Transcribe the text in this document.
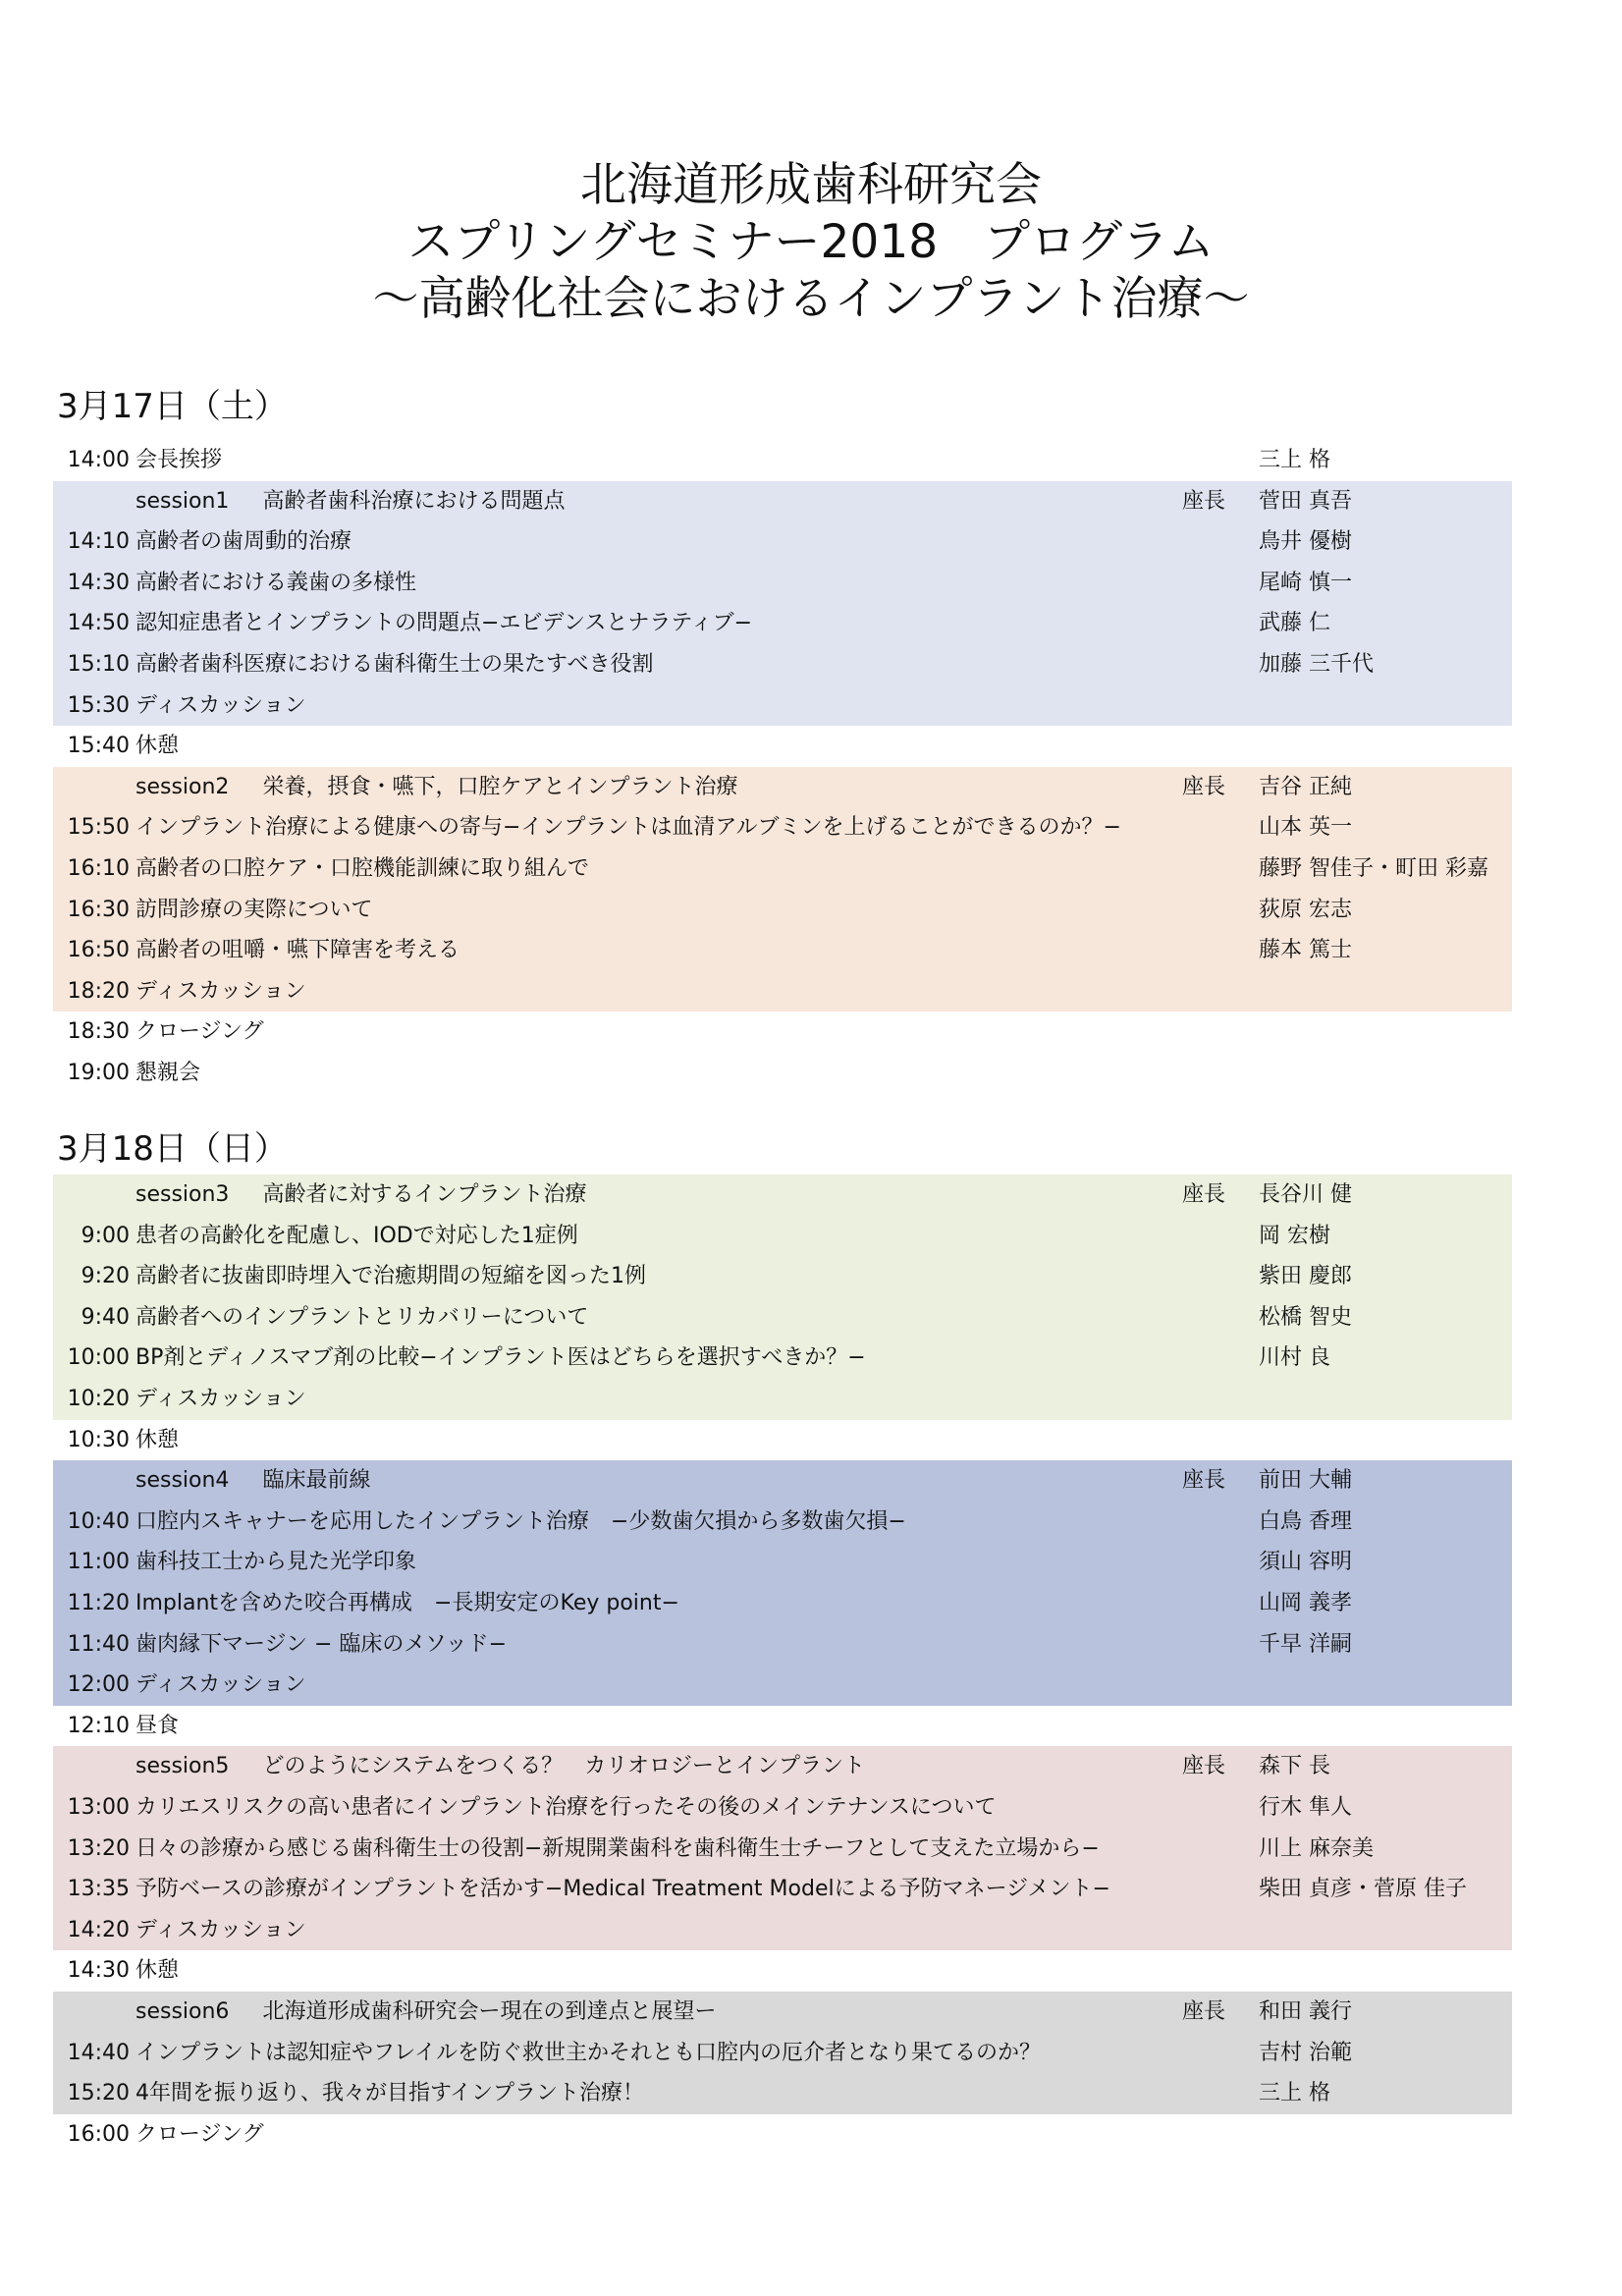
北海道形成歯科研究会
スプリングセミナー2018　プログラム
～高齢化社会におけるインプラント治療～
3月17日（土）
14:00 会長挨拶	三上 格
session1 高齢者歯科治療における問題点	座長 菅田 真吾
14:10 高齢者の歯周動的治療	鳥井 優樹
14:30 高齢者における義歯の多様性	尾崎 慎一
14:50 認知症患者とインプラントの問題点−エビデンスとナラティブ−	武藤 仁
15:10 高齢者歯科医療における歯科衛生士の果たすべき役割	加藤 三千代
15:30 ディスカッション
15:40 休憩
session2 栄養，摂食・嚥下，口腔ケアとインプラント治療	座長 吉谷 正純
15:50 インプラント治療による健康への寄与−インプラントは血清アルブミンを上げることができるのか？−	山本 英一
16:10 高齢者の口腔ケア・口腔機能訓練に取り組んで	藤野 智佳子・町田 彩嘉
16:30 訪問診療の実際について	荻原 宏志
16:50 高齢者の咀嚼・嚥下障害を考える	藤本 篤士
18:20 ディスカッション
18:30 クロージング
19:00 懇親会
3月18日（日）
session3 高齢者に対するインプラント治療	座長 長谷川 健
9:00 患者の高齢化を配慮し、IODで対応した1症例	岡 宏樹
9:20 高齢者に抜歯即時埋入で治癒期間の短縮を図った1例	紫田 慶郎
9:40 高齢者へのインプラントとリカバリーについて	松橋 智史
10:00 BP剤とディノスマブ剤の比較−インプラント医はどちらを選択すべきか？−	川村 良
10:20 ディスカッション
10:30 休憩
session4 臨床最前線	座長 前田 大輔
10:40 口腔内スキャナーを応用したインプラント治療　−少数歯欠損から多数歯欠損−	白鳥 香理
11:00 歯科技工士から見た光学印象	須山 容明
11:20 Implantを含めた咬合再構成　−長期安定のKey point−	山岡 義孝
11:40 歯肉縁下マージン − 臨床のメソッド−	千早 洋嗣
12:00 ディスカッション
12:10 昼食
session5 どのようにシステムをつくる？　カリオロジーとインプラント	座長 森下 長
13:00 カリエスリスクの高い患者にインプラント治療を行ったその後のメインテナンスについて	行木 隼人
13:20 日々の診療から感じる歯科衛生士の役割−新規開業歯科を歯科衛生士チーフとして支えた立場から−	川上 麻奈美
13:35 予防ベースの診療がインプラントを活かす−Medical Treatment Modelによる予防マネージメント−	柴田 貞彦・菅原 佳子
14:20 ディスカッション
14:30 休憩
session6 北海道形成歯科研究会ー現在の到達点と展望ー	座長 和田 義行
14:40 インプラントは認知症やフレイルを防ぐ救世主かそれとも口腔内の厄介者となり果てるのか？	吉村 治範
15:20 4年間を振り返り、我々が目指すインプラント治療！	三上 格
16:00 クロージング
